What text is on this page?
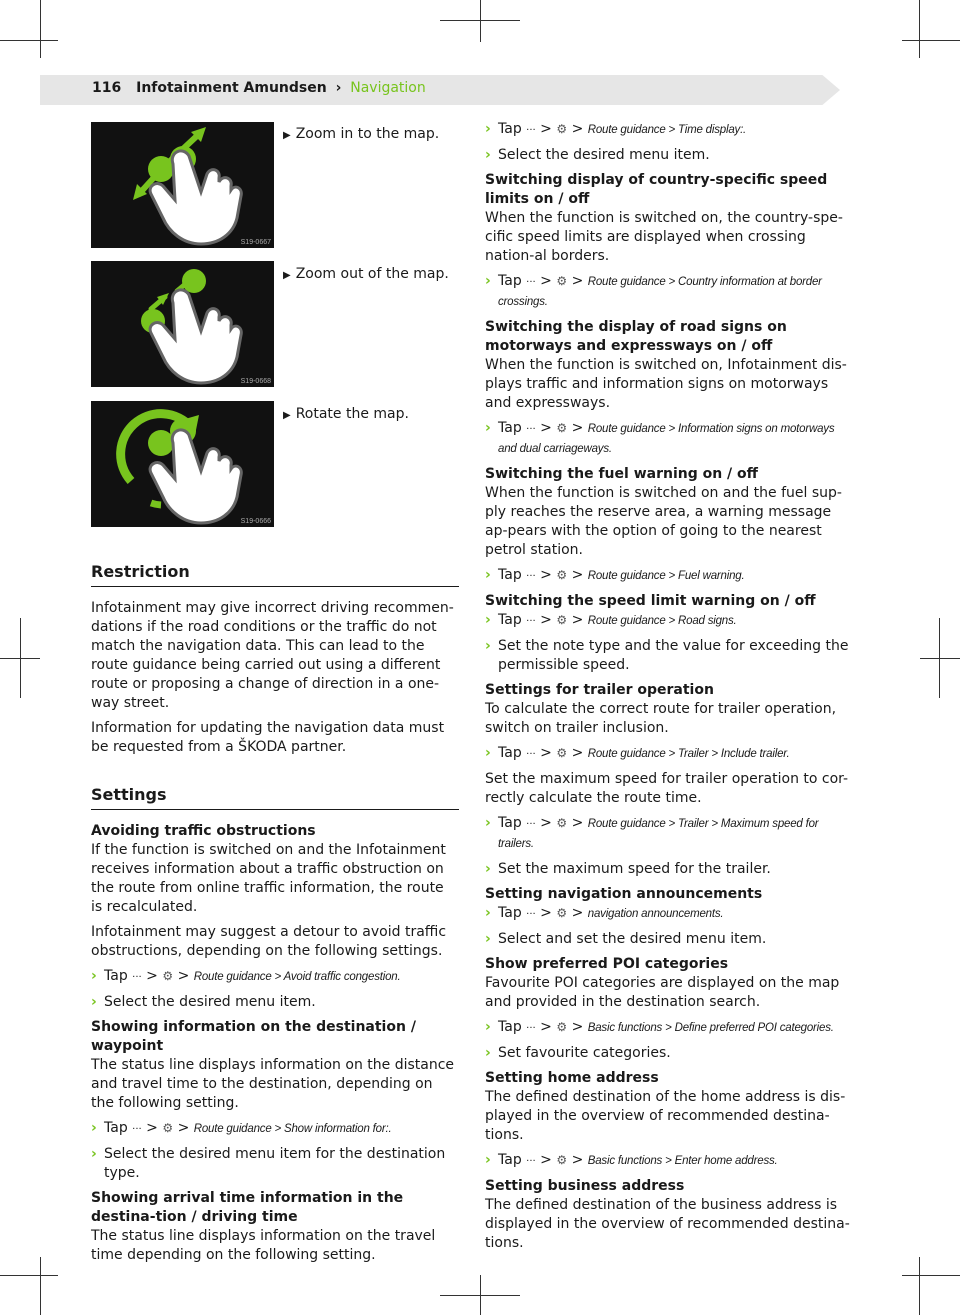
116 Infotainment Amundsen › Navigation
S19-0667
▶ Zoom in to the map.
S19-0668
▶ Zoom out of the map.
S19-0666
▶ Rotate the map.
Restriction

Infotainment may give incorrect driving recommen-dations if the road conditions or the traffic do not match the navigation data. This can lead to the route guidance being carried out using a different route or proposing a change of direction in a one-way street.

Information for updating the navigation data must be requested from a ŠKODA partner.

Settings

Avoiding traffic obstructions

If the function is switched on and the Infotainment receives information about a traffic obstruction on the route from online traffic information, the route is recalculated.

Infotainment may suggest a detour to avoid traffic obstructions, depending on the following settings.

› Tap ··· > ⚙ > Route guidance > Avoid traffic congestion.
› Select the desired menu item.

Showing information on the destination / waypoint

The status line displays information on the distance and travel time to the destination, depending on the following setting.

› Tap ··· > ⚙ > Route guidance > Show information for:.
› Select the desired menu item for the destination type.

Showing arrival time information in the destina-tion / driving time

The status line displays information on the travel time depending on the following setting.

› Tap ··· > ⚙ > Route guidance > Time display:.
› Select the desired menu item.

Switching display of country-specific speed limits on / off

When the function is switched on, the country-spe-cific speed limits are displayed when crossing nation-al borders.

› Tap ··· > ⚙ > Route guidance > Country information at border crossings.

Switching the display of road signs on motorways and expressways on / off

When the function is switched on, Infotainment dis-plays traffic and information signs on motorways and expressways.

› Tap ··· > ⚙ > Route guidance > Information signs on motorways and dual carriageways.

Switching the fuel warning on / off

When the function is switched on and the fuel sup-ply reaches the reserve area, a warning message ap-pears with the option of going to the nearest petrol station.

› Tap ··· > ⚙ > Route guidance > Fuel warning.

Switching the speed limit warning on / off

› Tap ··· > ⚙ > Route guidance > Road signs.
› Set the note type and the value for exceeding the permissible speed.

Settings for trailer operation

To calculate the correct route for trailer operation, switch on trailer inclusion.

› Tap ··· > ⚙ > Route guidance > Trailer > Include trailer.

Set the maximum speed for trailer operation to cor-rectly calculate the route time.

› Tap ··· > ⚙ > Route guidance > Trailer > Maximum speed for trailers.
› Set the maximum speed for the trailer.

Setting navigation announcements

› Tap ··· > ⚙ > navigation announcements.
› Select and set the desired menu item.

Show preferred POI categories

Favourite POI categories are displayed on the map and provided in the destination search.

› Tap ··· > ⚙ > Basic functions > Define preferred POI categories.
› Set favourite categories.

Setting home address

The defined destination of the home address is dis-played in the overview of recommended destina-tions.

› Tap ··· > ⚙ > Basic functions > Enter home address.

Setting business address

The defined destination of the business address is displayed in the overview of recommended destina-tions.
